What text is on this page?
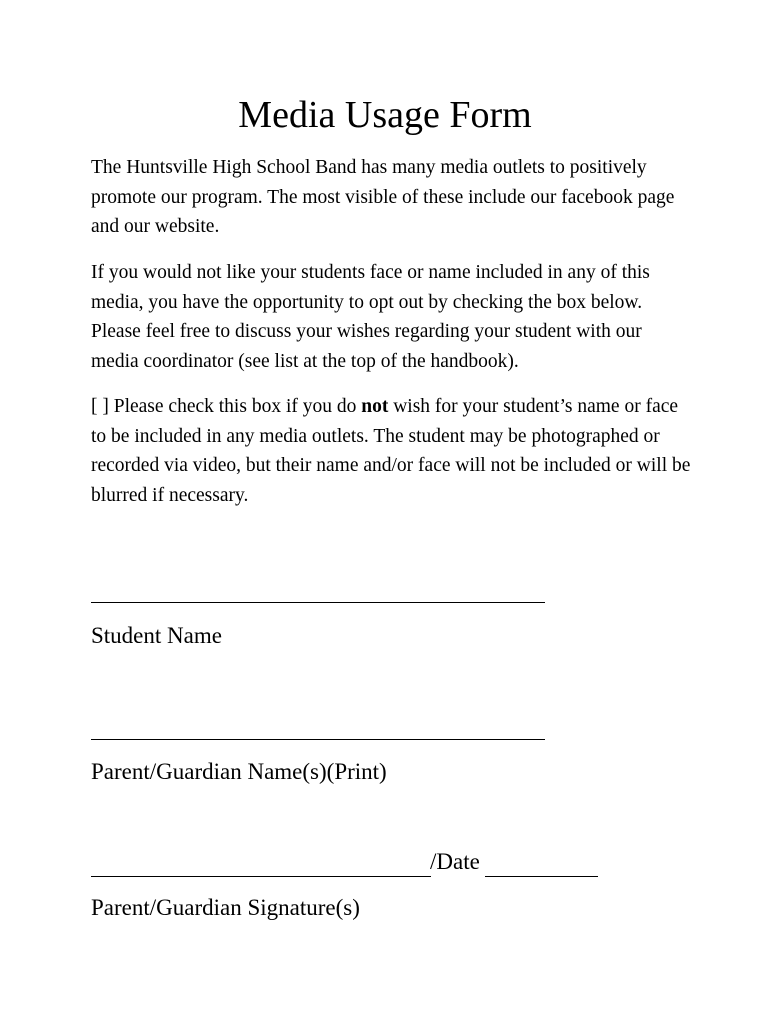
Media Usage Form

The Huntsville High School Band has many media outlets to positively promote our program. The most visible of these include our facebook page and our website.

If you would not like your students face or name included in any of this media, you have the opportunity to opt out by checking the box below. Please feel free to discuss your wishes regarding your student with our media coordinator (see list at the top of the handbook).

[ ] Please check this box if you do not wish for your student’s name or face to be included in any media outlets. The student may be photographed or recorded via video, but their name and/or face will not be included or will be blurred if necessary.

Student Name
Parent/Guardian Name(s)(Print)
/Date
Parent/Guardian Signature(s)
